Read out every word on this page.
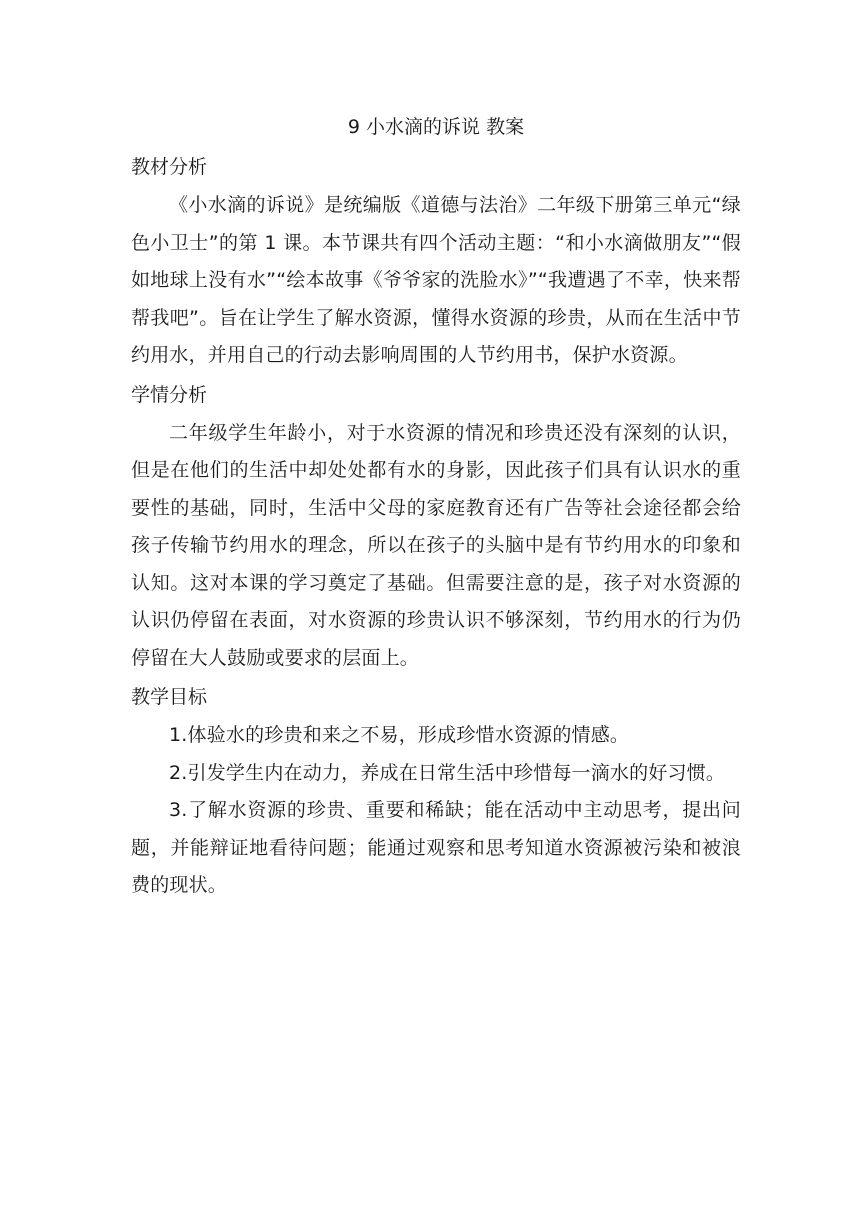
9 小水滴的诉说 教案
教材分析

《小水滴的诉说》是统编版《道德与法治》二年级下册第三单元“绿色小卫士”的第 1 课。本节课共有四个活动主题：“和小水滴做朋友”“假如地球上没有水”“绘本故事《爷爷家的洗脸水》”“我遭遇了不幸，快来帮帮我吧”。旨在让学生了解水资源，懂得水资源的珍贵，从而在生活中节约用水，并用自己的行动去影响周围的人节约用书，保护水资源。

学情分析

二年级学生年龄小，对于水资源的情况和珍贵还没有深刻的认识，但是在他们的生活中却处处都有水的身影，因此孩子们具有认识水的重要性的基础，同时，生活中父母的家庭教育还有广告等社会途径都会给孩子传输节约用水的理念，所以在孩子的头脑中是有节约用水的印象和认知。这对本课的学习奠定了基础。但需要注意的是，孩子对水资源的认识仍停留在表面，对水资源的珍贵认识不够深刻，节约用水的行为仍停留在大人鼓励或要求的层面上。

教学目标

1.体验水的珍贵和来之不易，形成珍惜水资源的情感。

2.引发学生内在动力，养成在日常生活中珍惜每一滴水的好习惯。

3.了解水资源的珍贵、重要和稀缺；能在活动中主动思考，提出问题，并能辩证地看待问题；能通过观察和思考知道水资源被污染和被浪费的现状。
